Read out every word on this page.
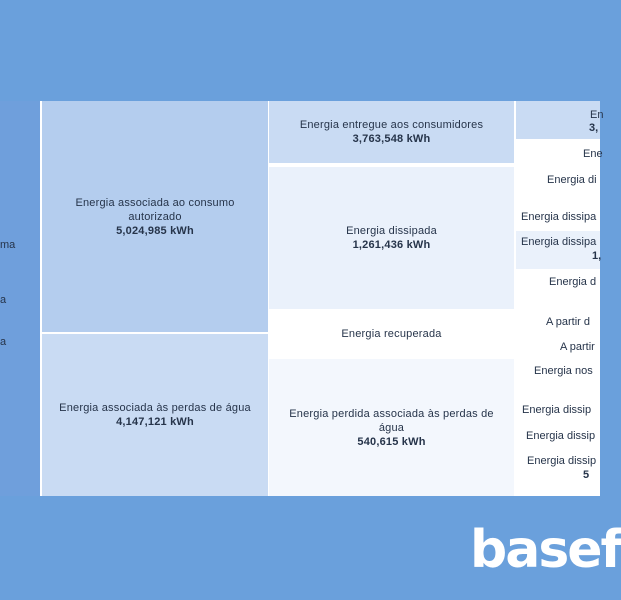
ma
a
a
Energia associada ao consumo autorizado
5,024,985 kWh
Energia associada às perdas de água
4,147,121 kWh
Energia entregue aos consumidores
3,763,548 kWh
Energia dissipada
1,261,436 kWh
Energia recuperada
Energia perdida associada às perdas de água
540,615 kWh
En
3,
Ene
Energia di
Energia dissipa
Energia dissipa
1,
Energia d
A partir d
A partir
Energia nos
Energia dissip
Energia dissip
Energia dissip
5
basef
